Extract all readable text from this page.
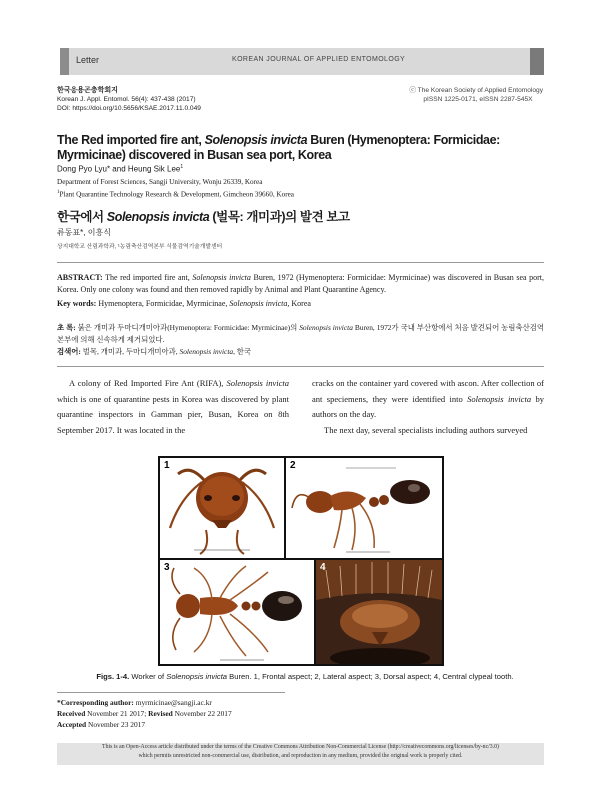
Letter	KOREAN JOURNAL OF APPLIED ENTOMOLOGY
한국응용곤충학회지
Korean J. Appl. Entomol. 56(4): 437-438 (2017)
DOI: https://doi.org/10.5656/KSAE.2017.11.0.049
ⓒ The Korean Society of Applied Entomology
pISSN 1225-0171, eISSN 2287-545X
The Red imported fire ant, Solenopsis invicta Buren (Hymenoptera: Formicidae: Myrmicinae) discovered in Busan sea port, Korea
Dong Pyo Lyu* and Heung Sik Lee$^1$
Department of Forest Sciences, Sangji University, Wonju 26339, Korea
$^1$Plant Quarantine Technology Research & Development, Gimcheon 39660, Korea
한국에서 Solenopsis invicta (벌목: 개미과)의 발견 보고
류동표*, 이흥식
상지대학교 산림과학과, ¹농림축산검역본부 식물검역기술개발센터
ABSTRACT: The red imported fire ant, Solenopsis invicta Buren, 1972 (Hymenoptera: Formicidae: Myrmicinae) was discovered in Busan sea port, Korea. Only one colony was found and then removed rapidly by Animal and Plant Quarantine Agency.
Key words: Hymenoptera, Formicidae, Myrmicinae, Solenopsis invicta, Korea
초 록: 붉은 개미과 두마디개미아과(Hymenoptera: Formicidae: Myrmicinae)의 Solenopsis invicta Buren, 1972가 국내 부산항에서 처음 발견되어 농림축산검역본부에 의해 신속하게 제거되었다.
검색어: 벌목, 개미과, 두마디개미아과, Solenopsis invicta, 한국
A colony of Red Imported Fire Ant (RIFA), Solenopsis invicta which is one of quarantine pests in Korea was discovered by plant quarantine inspectors in Gamman pier, Busan, Korea on 8th September 2017. It was located in the
cracks on the container yard covered with ascon. After collection of ant speciemens, they were identified into Solenopsis invicta by authors on the day.
The next day, several specialists including authors surveyed
1	2
3	4
Figs. 1-4. Worker of Solenopsis invicta Buren. 1, Frontal aspect; 2, Lateral aspect; 3, Dorsal aspect; 4, Central clypeal tooth.
*Corresponding author: myrmicinae@sangji.ac.kr
Received November 21 2017; Revised November 22 2017
Accepted November 23 2017
This is an Open-Access article distributed under the terms of the Creative Commons Attribution Non-Commercial License (http://creativecommons.org/licenses/by-nc/3.0)
which permits unrestricted non-commercial use, distribution, and reproduction in any medium, provided the original work is properly cited.
